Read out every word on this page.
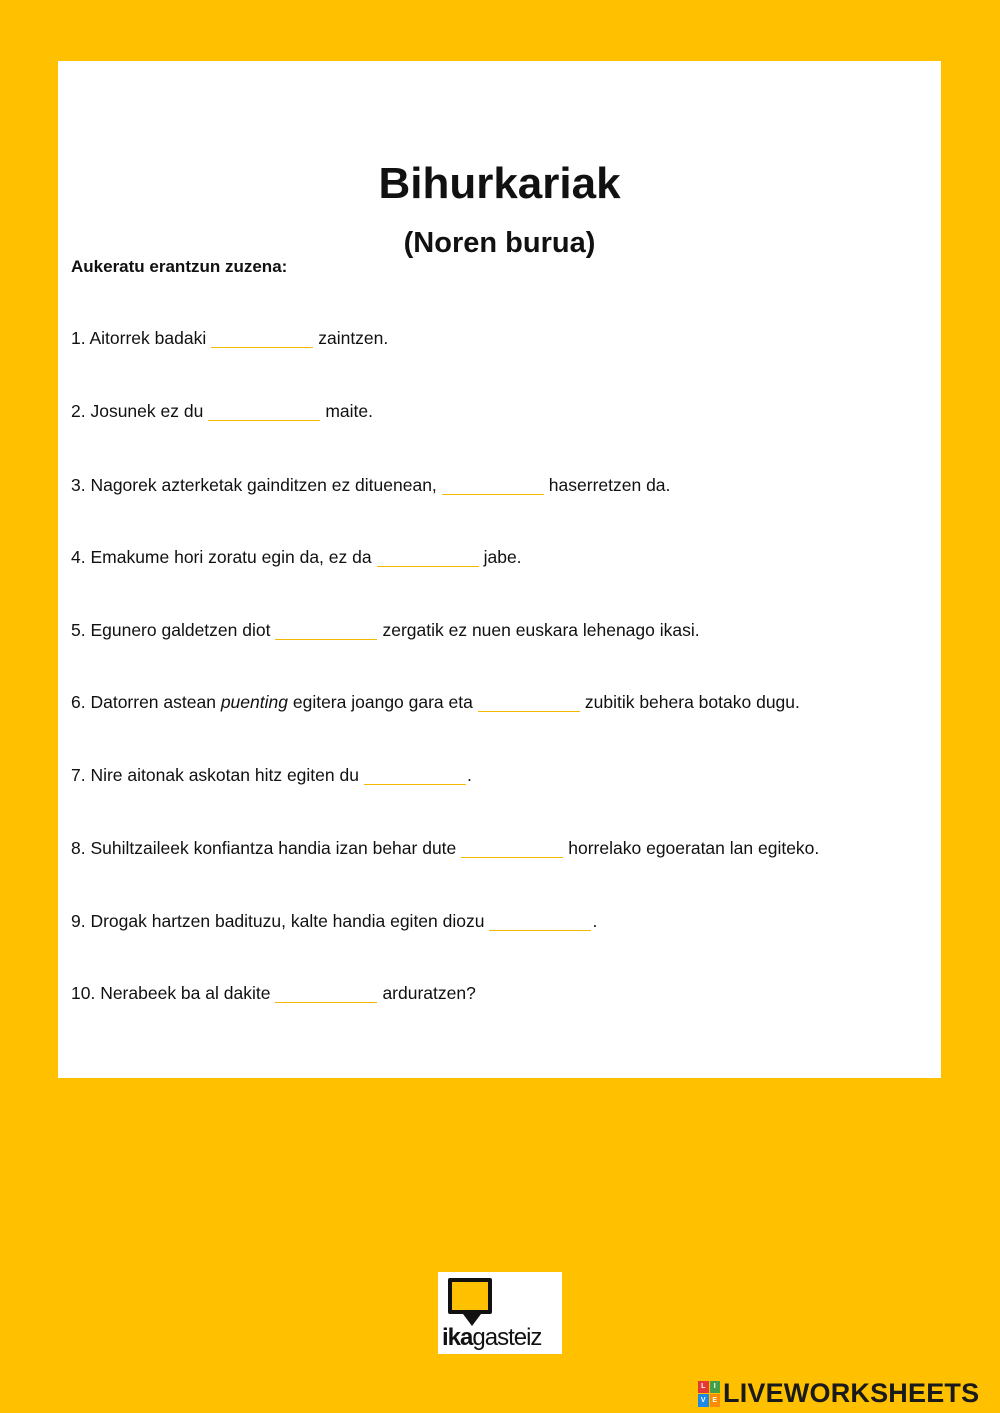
Bihurkariak
(Noren burua)
Aukeratu erantzun zuzena:
1. Aitorrek badaki	zaintzen.
2. Josunek ez du	maite.
3. Nagorek azterketak gainditzen ez dituenean,	haserretzen da.
4. Emakume hori zoratu egin da, ez da	jabe.
5. Egunero galdetzen diot	zergatik ez nuen euskara lehenago ikasi.
6. Datorren astean puenting egitera joango gara eta	zubitik behera botako dugu.
7. Nire aitonak askotan hitz egiten du	.
8. Suhiltzaileek konfiantza handia izan behar dute	horrelako egoeratan lan egiteko.
9. Drogak hartzen badituzu, kalte handia egiten diozu	.
10. Nerabeek ba al dakite	arduratzen?
ikagasteiz
L	I
V E LIVEWORKSHEETS
